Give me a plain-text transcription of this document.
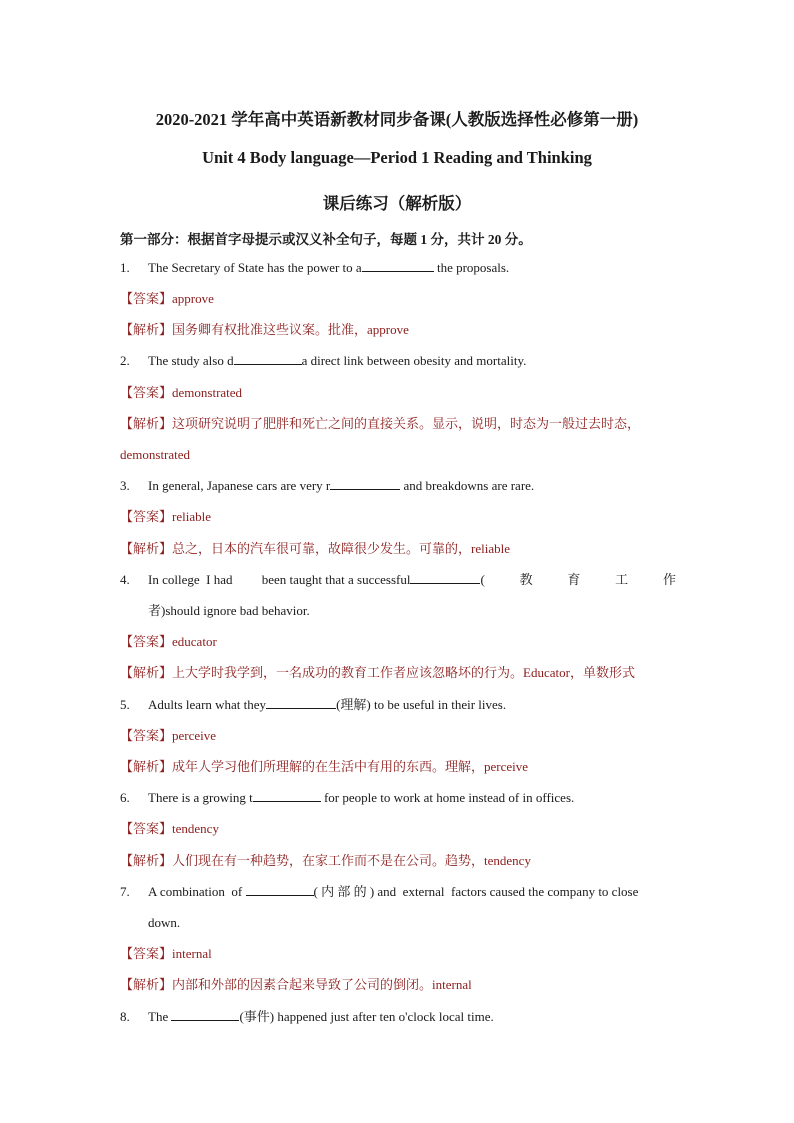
2020-2021 学年高中英语新教材同步备课(人教版选择性必修第一册)
Unit 4 Body language—Period 1 Reading and Thinking
课后练习（解析版）
第一部分：根据首字母提示或汉义补全句子，每题 1 分，共计 20 分。
1. The Secretary of State has the power to a	the proposals.
【答案】approve
【解析】国务卿有权批准这些议案。批准，approve
2. The study also d	a direct link between obesity and mortality.
【答案】demonstrated
【解析】这项研究说明了肥胖和死亡之间的直接关系。显示，说明，时态为一般过去时态，
demonstrated
3. In general, Japanese cars are very r	and breakdowns are rare.
【答案】reliable
【解析】总之，日本的汽车很可靠，故障很少发生。可靠的，reliable
4. In college  I had         been taught that a successful	(	教	育	工	作
者)should ignore bad behavior.
【答案】educator
【解析】上大学时我学到，一名成功的教育工作者应该忽略坏的行为。Educator，单数形式
5. Adults learn what they	(理解) to be useful in their lives.
【答案】perceive
【解析】成年人学习他们所理解的在生活中有用的东西。理解，perceive
6. There is a growing t	for people to work at home instead of in offices.
【答案】tendency
【解析】人们现在有一种趋势，在家工作而不是在公司。趋势，tendency
7. A combination  of	( 内 部 的 ) and  external  factors caused the company to close
down.
【答案】internal
【解析】内部和外部的因素合起来导致了公司的倒闭。internal
8. The	(事件) happened just after ten o'clock local time.
